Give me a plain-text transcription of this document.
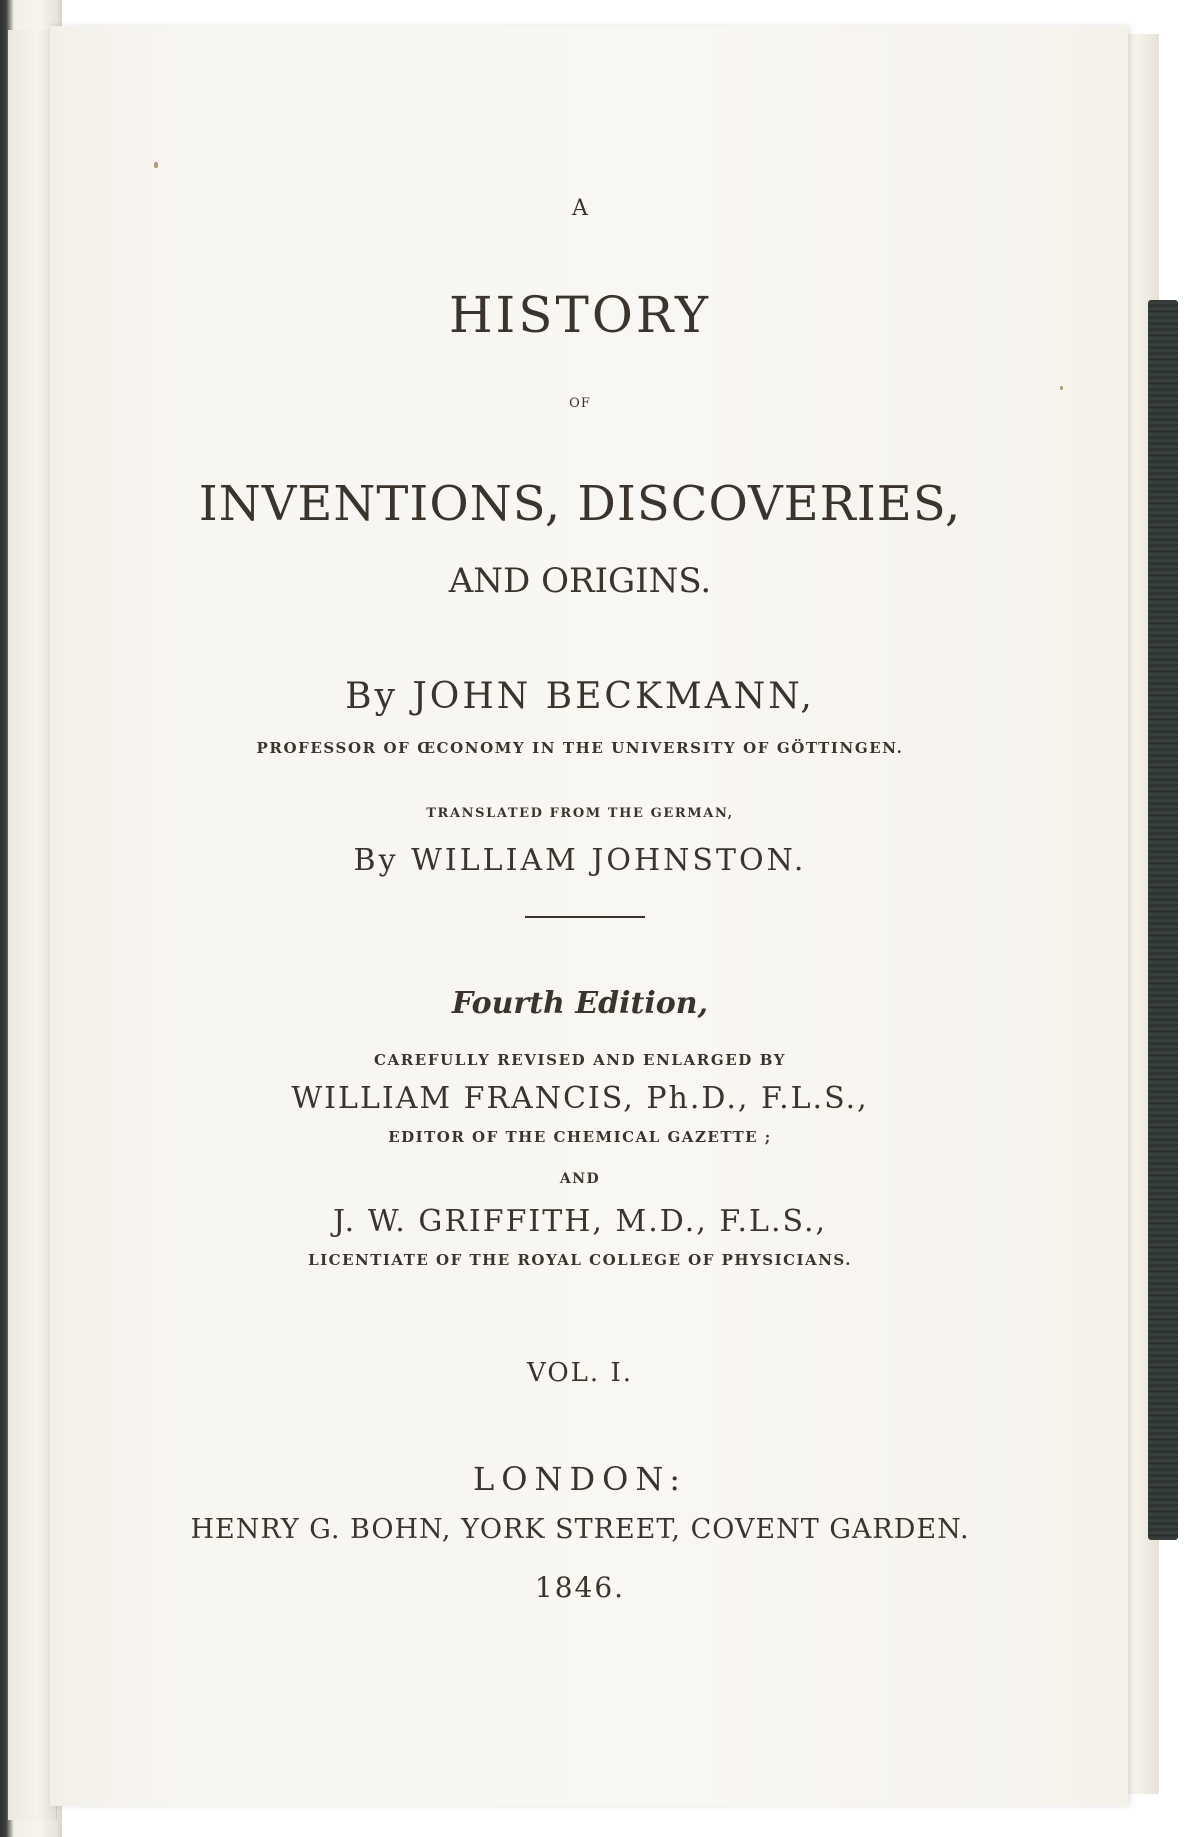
A
HISTORY
OF
INVENTIONS, DISCOVERIES,
AND ORIGINS.
By JOHN BECKMANN,
PROFESSOR OF ŒCONOMY IN THE UNIVERSITY OF GÖTTINGEN.
TRANSLATED FROM THE GERMAN,
By WILLIAM JOHNSTON.
Fourth Edition,
CAREFULLY REVISED AND ENLARGED BY
WILLIAM FRANCIS, Ph.D., F.L.S.,
EDITOR OF THE CHEMICAL GAZETTE ;
AND
J. W. GRIFFITH, M.D., F.L.S.,
LICENTIATE OF THE ROYAL COLLEGE OF PHYSICIANS.
VOL. I.
LONDON:
HENRY G. BOHN, YORK STREET, COVENT GARDEN.
1846.
